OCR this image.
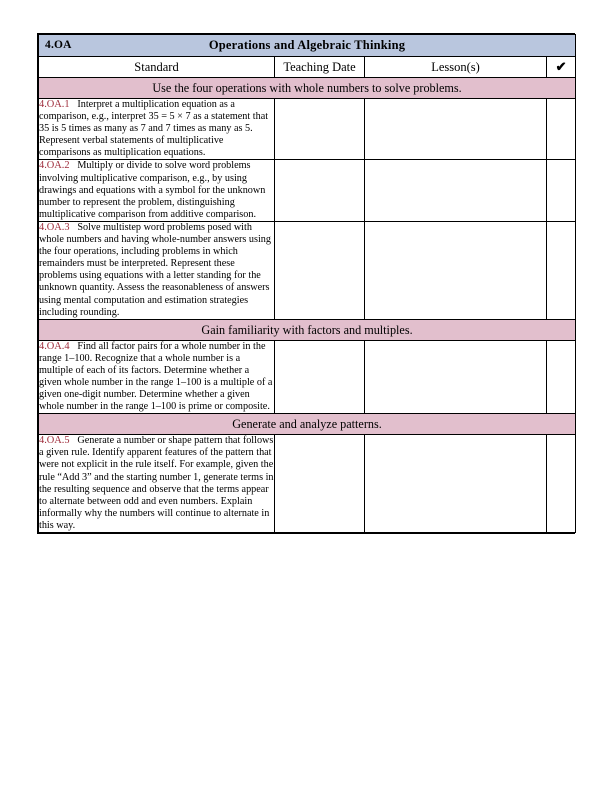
4.OA Operations and Algebraic Thinking			

Standard	Teaching Date	Lesson(s)	✔
Use the four operations with whole numbers to solve problems.			
4.OA.1   Interpret a multiplication equation as a comparison, e.g., interpret 35 = 5 × 7 as a statement that 35 is 5 times as many as 7 and 7 times as many as 5. Represent verbal statements of multiplicative comparisons as multiplication equations.			
4.OA.2   Multiply or divide to solve word problems involving multiplicative comparison, e.g., by using drawings and equations with a symbol for the unknown number to represent the problem, distinguishing multiplicative comparison from additive comparison.			
4.OA.3   Solve multistep word problems posed with whole numbers and having whole-number answers using the four operations, including problems in which remainders must be interpreted. Represent these problems using equations with a letter standing for the unknown quantity. Assess the reasonableness of answers using mental computation and estimation strategies including rounding.			
Gain familiarity with factors and multiples.			
4.OA.4   Find all factor pairs for a whole number in the range 1–100. Recognize that a whole number is a multiple of each of its factors. Determine whether a given whole number in the range 1–100 is a multiple of a given one-digit number. Determine whether a given whole number in the range 1–100 is prime or composite.			
Generate and analyze patterns.			
4.OA.5   Generate a number or shape pattern that follows a given rule. Identify apparent features of the pattern that were not explicit in the rule itself. For example, given the rule “Add 3” and the starting number 1, generate terms in the resulting sequence and observe that the terms appear to alternate between odd and even numbers. Explain informally why the numbers will continue to alternate in this way.			
